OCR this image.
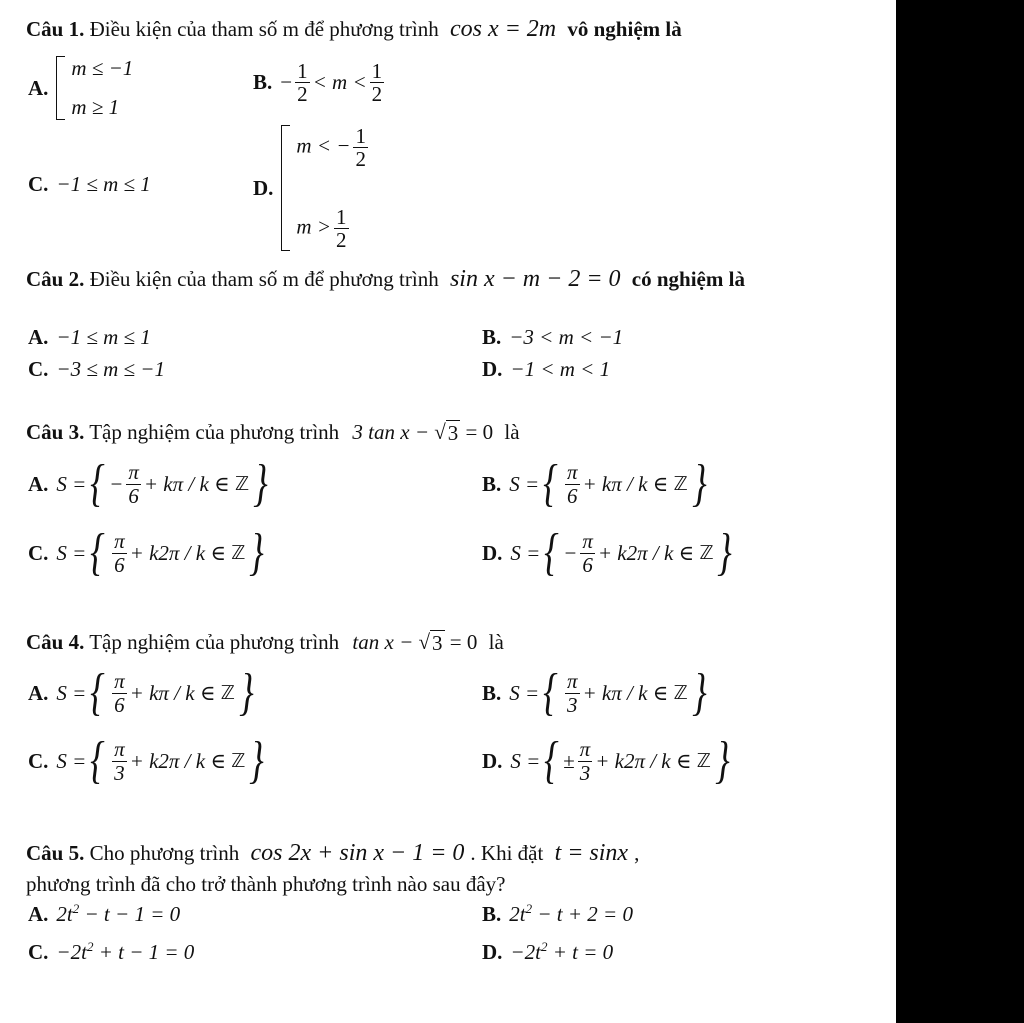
Câu 1. Điều kiện của tham số m để phương trình cos x = 2m vô nghiệm là
A.
m ≤ −1
m ≥ 1
B. − $\frac{1}{2} < m < \frac{1}{2}$
C. −1 ≤ m ≤ 1	D.
m < − $\frac{1}{2}$
$m > \frac{1}{2}$
Câu 2. Điều kiện của tham số m để phương trình sin x − m − 2 = 0 có nghiệm là
A. −1 ≤ m ≤ 1	B. −3 < m < −1
C. −3 ≤ m ≤ −1	D. −1 < m < 1
Câu 3. Tập nghiệm của phương trình 3 tan x − √ 3 = 0 là
A. S = { − $\frac{\pi}{6} + k\pi / k$ ∈
ℤ }	B. S = { $\frac{\pi}{6} + k\pi / k$ ∈
ℤ }
C. S = { $\frac{\pi}{6} + k2\pi / k$ ∈
ℤ }	D. S = { − $\frac{\pi}{6} + k2\pi / k$ ∈
ℤ }
Câu 4. Tập nghiệm của phương trình tan x − √ 3 = 0 là
A. S = { $\frac{\pi}{6} + k\pi / k$ ∈
ℤ }	B. S = { $\frac{\pi}{3} + k\pi / k$ ∈
ℤ }
C. S = { $\frac{\pi}{3} + k2\pi / k$ ∈
ℤ }	D. S = { ± $\frac{\pi}{3} + k2\pi / k$ ∈
ℤ }
Câu 5. Cho phương trình cos 2x + sin x − 1 = 0 . Khi đặt t = sinx ,
phương trình đã cho trở thành phương trình nào sau đây?
A. $2t^2 - t - 1 = 0$	B. $2t^2 - t + 2 = 0$
C. $-2t^2 + t - 1 = 0$	D. $-2t^2 + t = 0$
